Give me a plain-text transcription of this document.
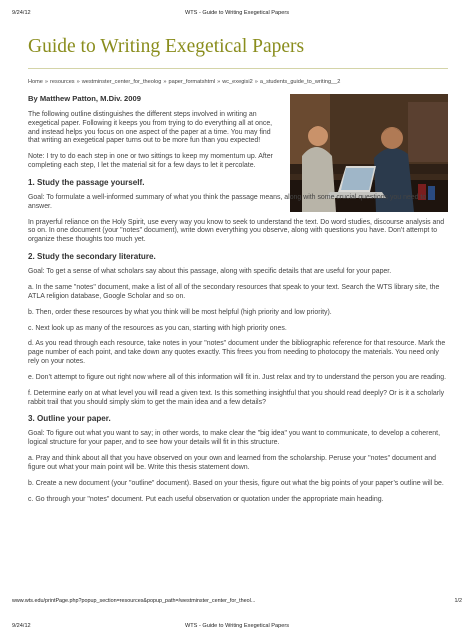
9/24/12	WTS - Guide to Writing Exegetical Papers
Guide to Writing Exegetical Papers
Home » resources » westminster_center_for_theolog » paper_formatshtml » wc_exegisi2 » a_students_guide_to_writing__2

By Matthew Patton, M.Div. 2009

The following outline distinguishes the different steps involved in writing an exegetical paper. Following it keeps you from trying to do everything all at once, and instead helps you focus on one aspect of the paper at a time. You may find that writing an exegetical paper turns out to be more fun than you expected!

Note: I try to do each step in one or two sittings to keep my momentum up. After completing each step, I let the material sit for a few days to let it percolate.

1. Study the passage yourself.

Goal: To formulate a well-informed summary of what you think the passage means, along with some crucial questions you need to answer.

In prayerful reliance on the Holy Spirit, use every way you know to seek to understand the text. Do word studies, discourse analysis and so on. In one document (your "notes" document), write down everything you observe, along with questions you have. Don’t attempt to organize these thoughts too much yet.

2. Study the secondary literature.

Goal: To get a sense of what scholars say about this passage, along with specific details that are useful for your paper.

a. In the same "notes" document, make a list of all of the secondary resources that speak to your text. Search the WTS library site, the ATLA religion database, Google Scholar and so on.

b. Then, order these resources by what you think will be most helpful (high priority and low priority).

c. Next look up as many of the resources as you can, starting with high priority ones.

d. As you read through each resource, take notes in your "notes" document under the bibliographic reference for that resource. Mark the page number of each point, and take down any quotes exactly. This frees you from needing to photocopy the materials. You need only rely on your notes.

e. Don’t attempt to figure out right now where all of this information will fit in. Just relax and try to understand the person you are reading.

f. Determine early on at what level you will read a given text. Is this something insightful that you should read deeply? Or is it a scholarly rabbit trail that you should simply skim to get the main idea and a few details?

3. Outline your paper.

Goal: To figure out what you want to say; in other words, to make clear the "big idea" you want to communicate, to develop a coherent, logical structure for your paper, and to see how your details will fit in this structure.

a. Pray and think about all that you have observed on your own and learned from the scholarship. Peruse your "notes" document and figure out what your main point will be. Write this thesis statement down.

b. Create a new document (your "outline" document). Based on your thesis, figure out what the big points of your paper’s outline will be.

c. Go through your "notes" document. Put each useful observation or quotation under the appropriate main heading.

www.wts.edu/printPage.php?popup_section=resources&popup_path=/westminster_center_for_theol...	1/2
9/24/12	WTS - Guide to Writing Exegetical Papers
